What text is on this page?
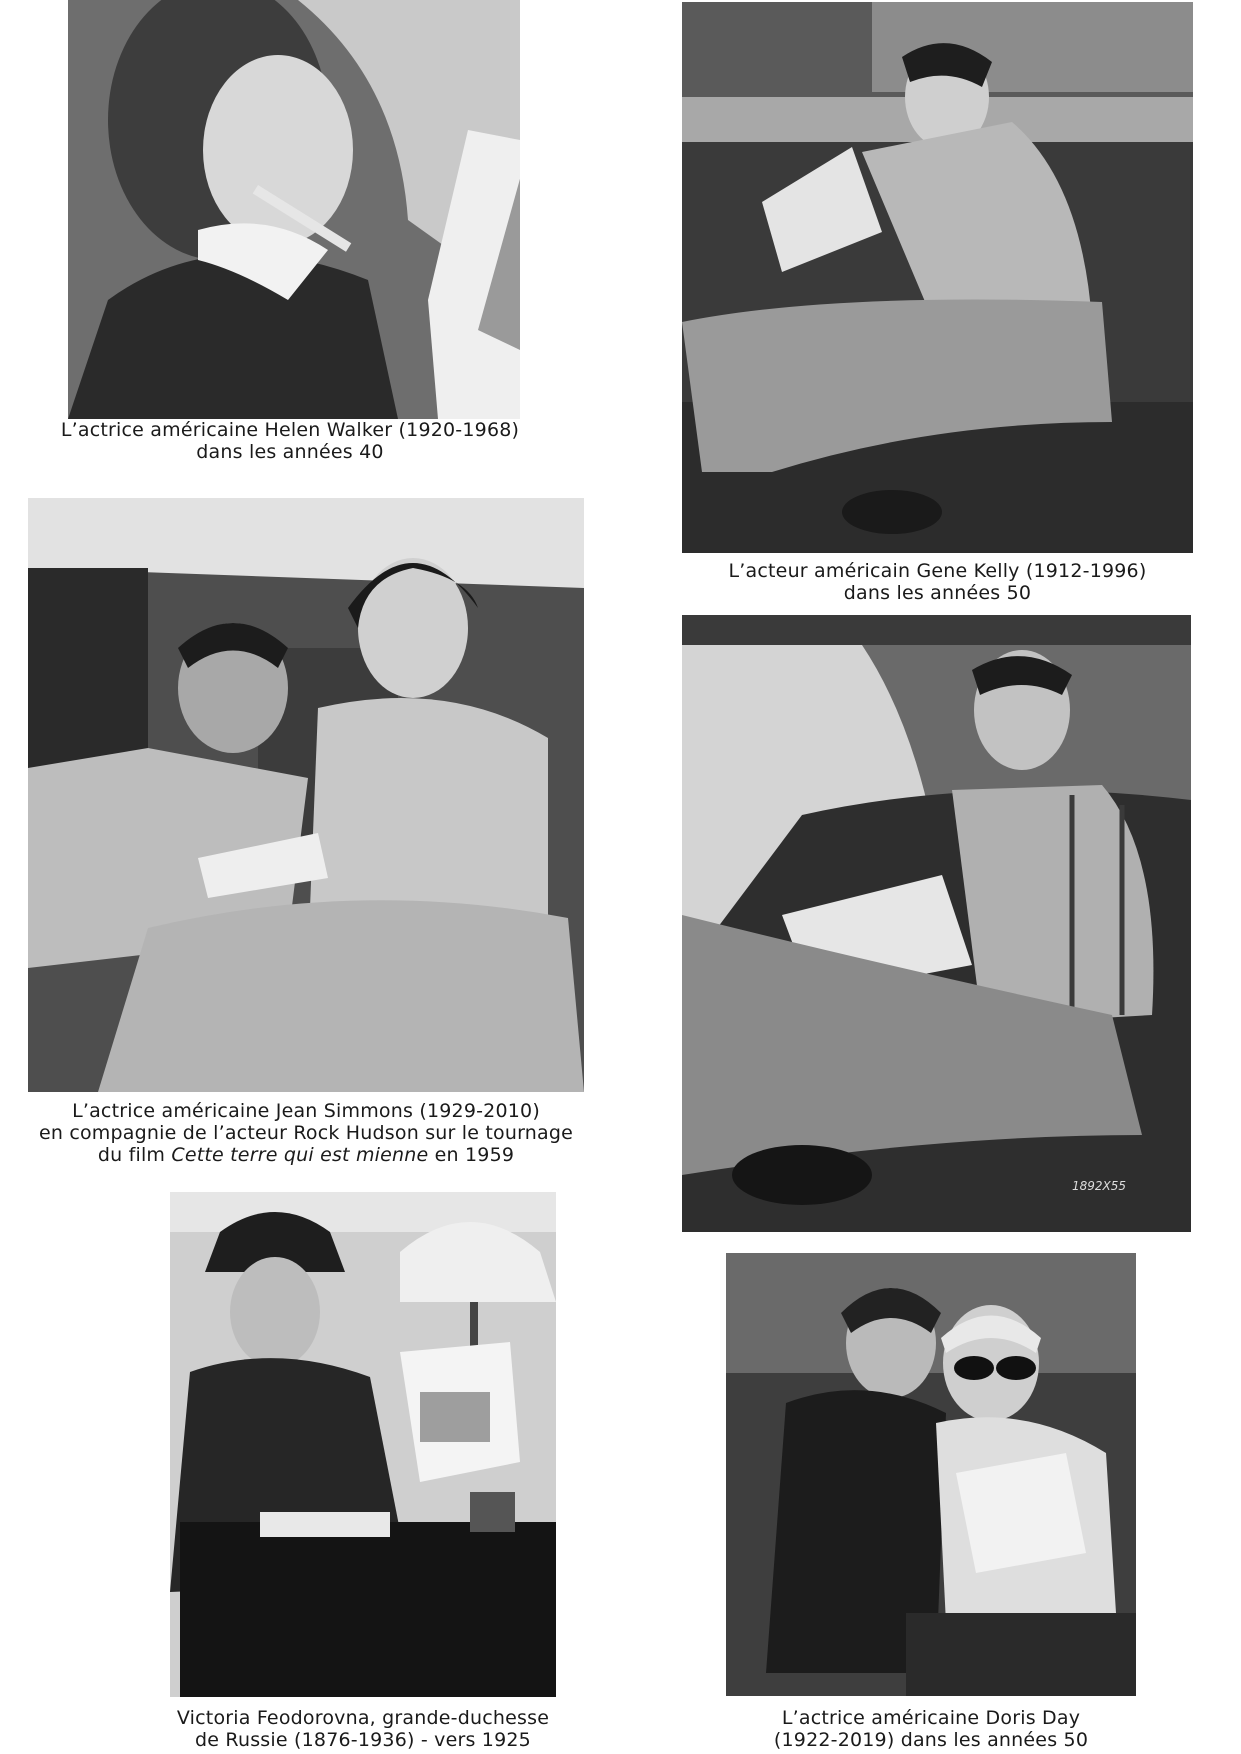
L’actrice américaine Helen Walker (1920-1968)
dans les années 40
L’acteur américain Gene Kelly (1912-1996)
dans les années 50
L’actrice américaine Jean Simmons (1929-2010)
en compagnie de l’acteur Rock Hudson sur le tournage
du film Cette terre qui est mienne en 1959
1892X55
Victoria Feodorovna, grande-duchesse
de Russie (1876-1936) - vers 1925
L’actrice américaine Doris Day
(1922-2019) dans les années 50
